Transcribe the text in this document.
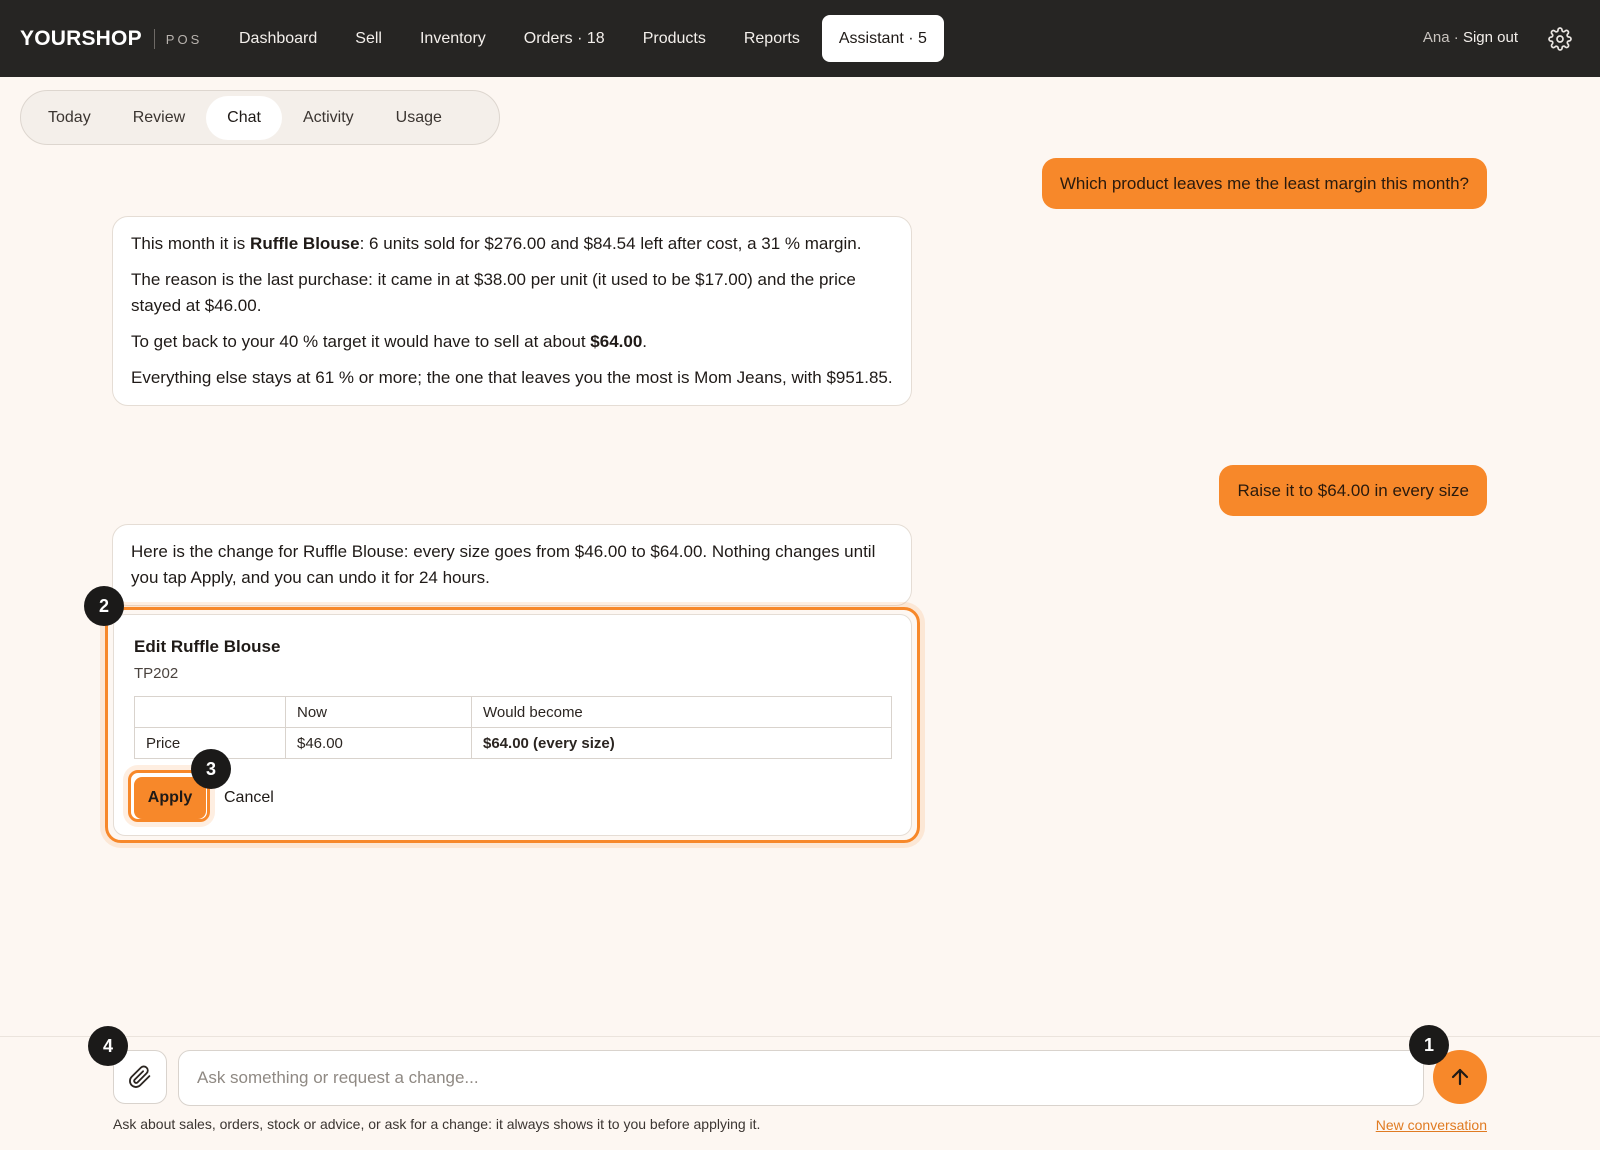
YOURSHOP POS	Dashboard	Sell	Inventory	Orders · 18	Products	Reports	Assistant · 5	Ana · Sign out
Today	Review	Chat	Activity	Usage
Which product leaves me the least margin this month?

This month it is Ruffle Blouse: 6 units sold for $276.00 and $84.54 left after cost, a 31 % margin.

The reason is the last purchase: it came in at $38.00 per unit (it used to be $17.00) and the price stayed at $46.00.

To get back to your 40 % target it would have to sell at about $64.00.

Everything else stays at 61 % or more; the one that leaves you the most is Mom Jeans, with $951.85.

Raise it to $64.00 in every size

Here is the change for Ruffle Blouse: every size goes from $46.00 to $64.00. Nothing changes until you tap Apply, and you can undo it for 24 hours.

Edit Ruffle Blouse
TP202
	Now	Would become
Price	$46.00	$64.00 (every size)
Apply	Cancel
2
3
Ask something or request a change...
1
4
Ask about sales, orders, stock or advice, or ask for a change: it always shows it to you before applying it.	New conversation
